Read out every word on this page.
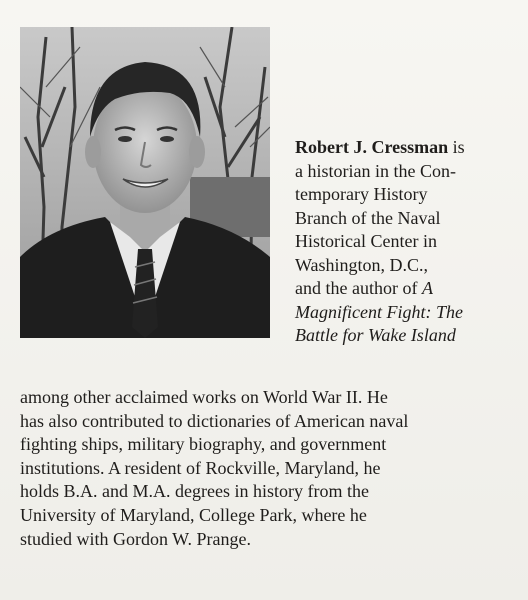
Robert J. Cressman is
a historian in the Con-
temporary History
Branch of the Naval
Historical Center in
Washington, D.C.,
and the author of A
Magnificent Fight: The
Battle for Wake Island

among other acclaimed works on World War II. He
has also contributed to dictionaries of American naval
fighting ships, military biography, and government
institutions. A resident of Rockville, Maryland, he
holds B.A. and M.A. degrees in history from the
University of Maryland, College Park, where he
studied with Gordon W. Prange.
